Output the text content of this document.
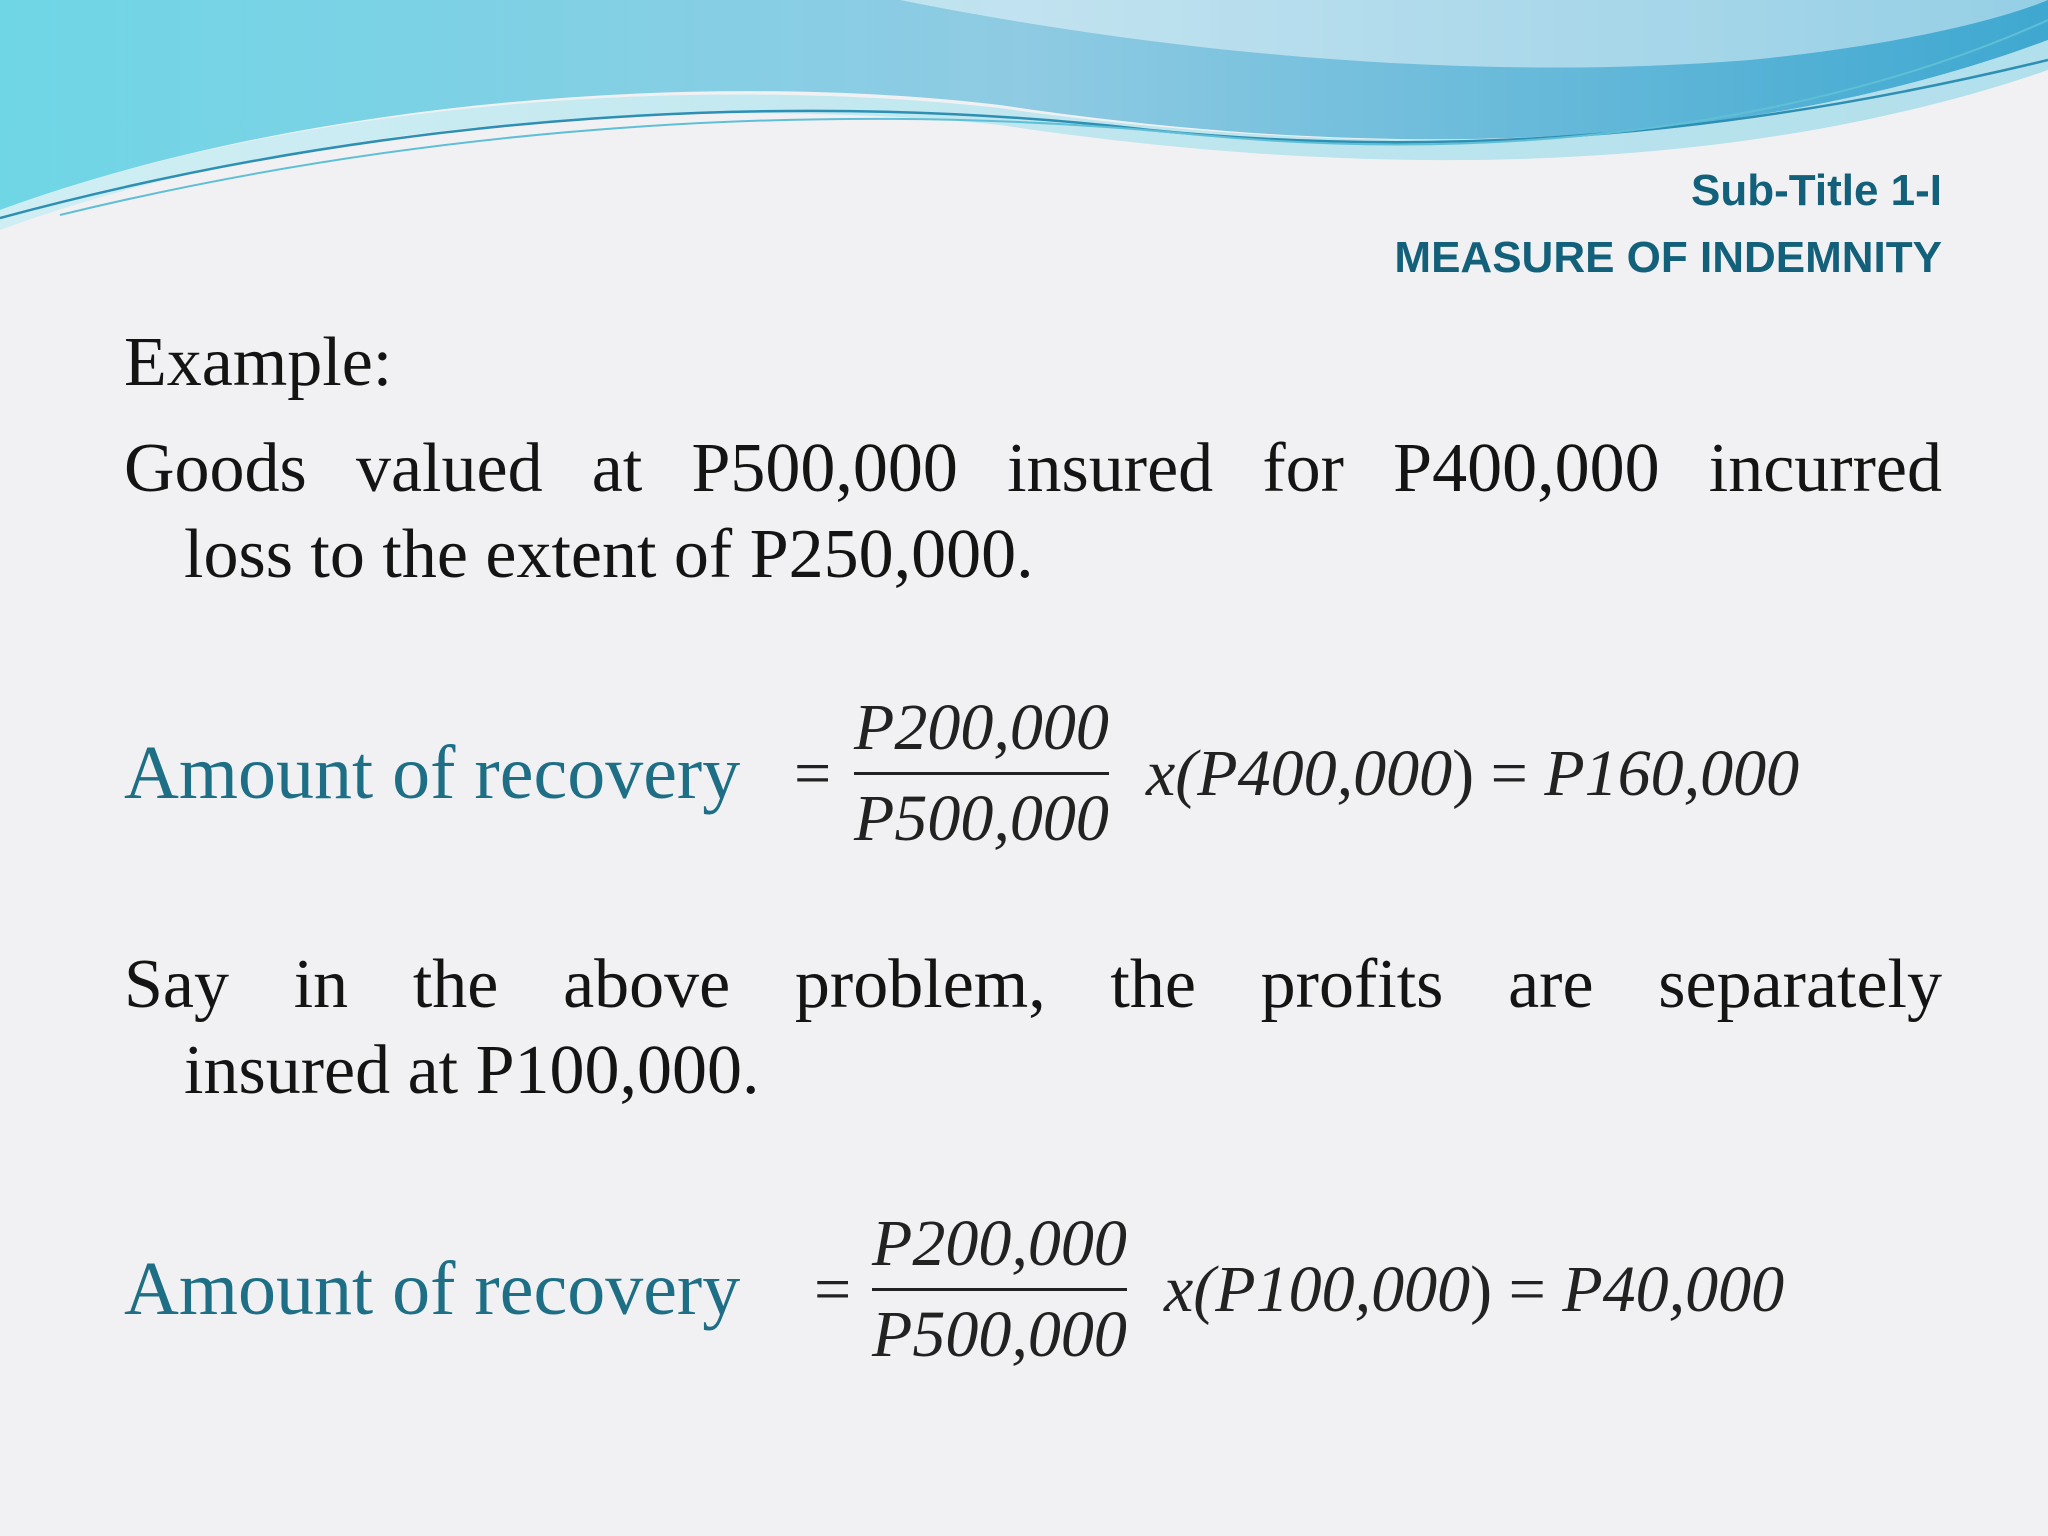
Sub-Title 1-I
MEASURE OF INDEMNITY
Example:
Goods valued at P500,000 insured for P400,000 incurred
loss to the extent of P250,000.
Amount of recovery = $\frac{P200,000}{P500,000} x(P400,000) = P160,000$
Say in the above problem, the profits are separately
insured at P100,000.
Amount of recovery = $\frac{P200,000}{P500,000} x(P100,000) = P40,000$
